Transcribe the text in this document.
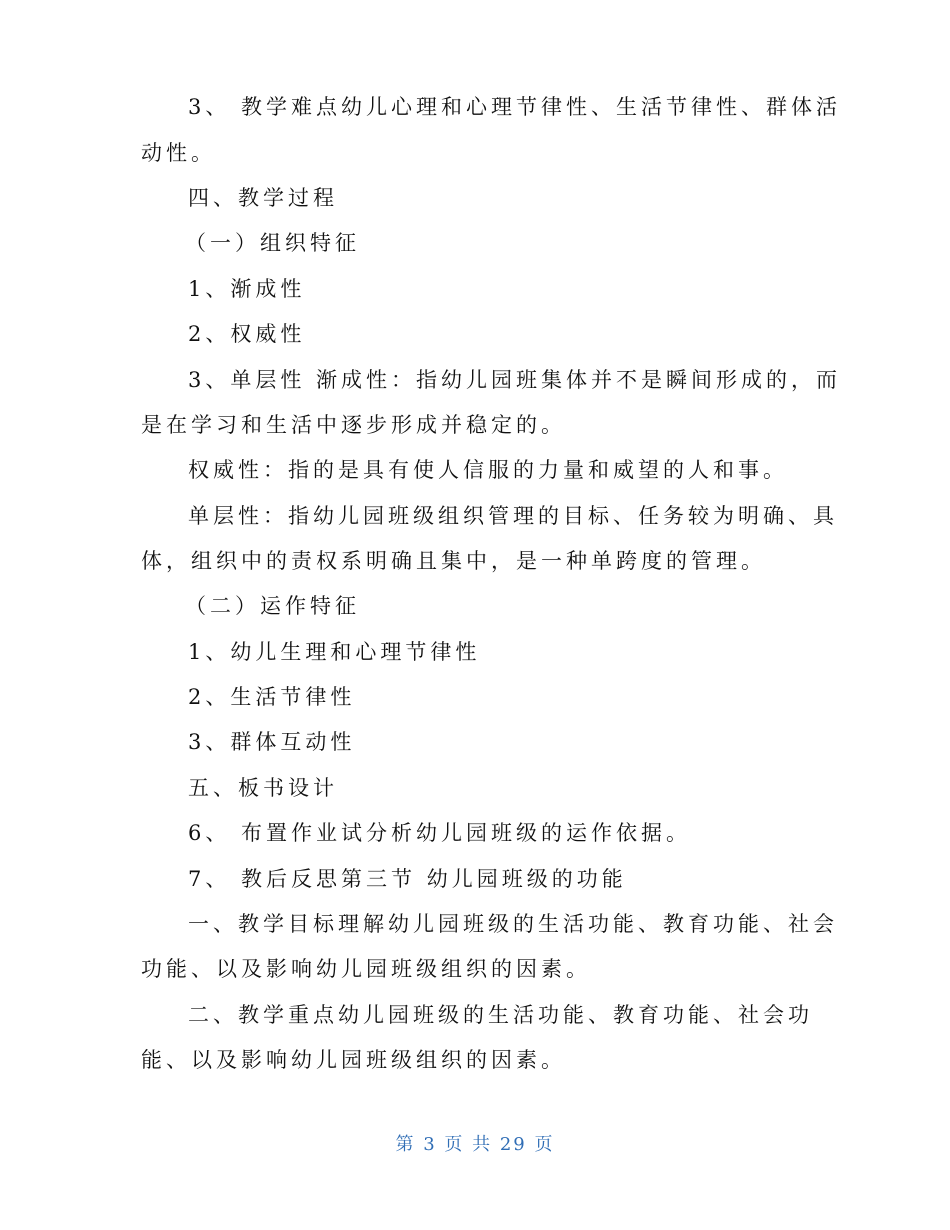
3、 教学难点幼儿心理和心理节律性、生活节律性、群体活
动性。
四、教学过程
（一）组织特征
1、渐成性
2、权威性
3、单层性 渐成性：指幼儿园班集体并不是瞬间形成的，而
是在学习和生活中逐步形成并稳定的。
权威性：指的是具有使人信服的力量和威望的人和事。
单层性：指幼儿园班级组织管理的目标、任务较为明确、具
体，组织中的责权系明确且集中，是一种单跨度的管理。
（二）运作特征
1、幼儿生理和心理节律性
2、生活节律性
3、群体互动性
五、板书设计
6、 布置作业试分析幼儿园班级的运作依据。
7、 教后反思第三节 幼儿园班级的功能
一、教学目标理解幼儿园班级的生活功能、教育功能、社会
功能、以及影响幼儿园班级组织的因素。
二、教学重点幼儿园班级的生活功能、教育功能、社会功
能、以及影响幼儿园班级组织的因素。
第 3 页 共 29 页
